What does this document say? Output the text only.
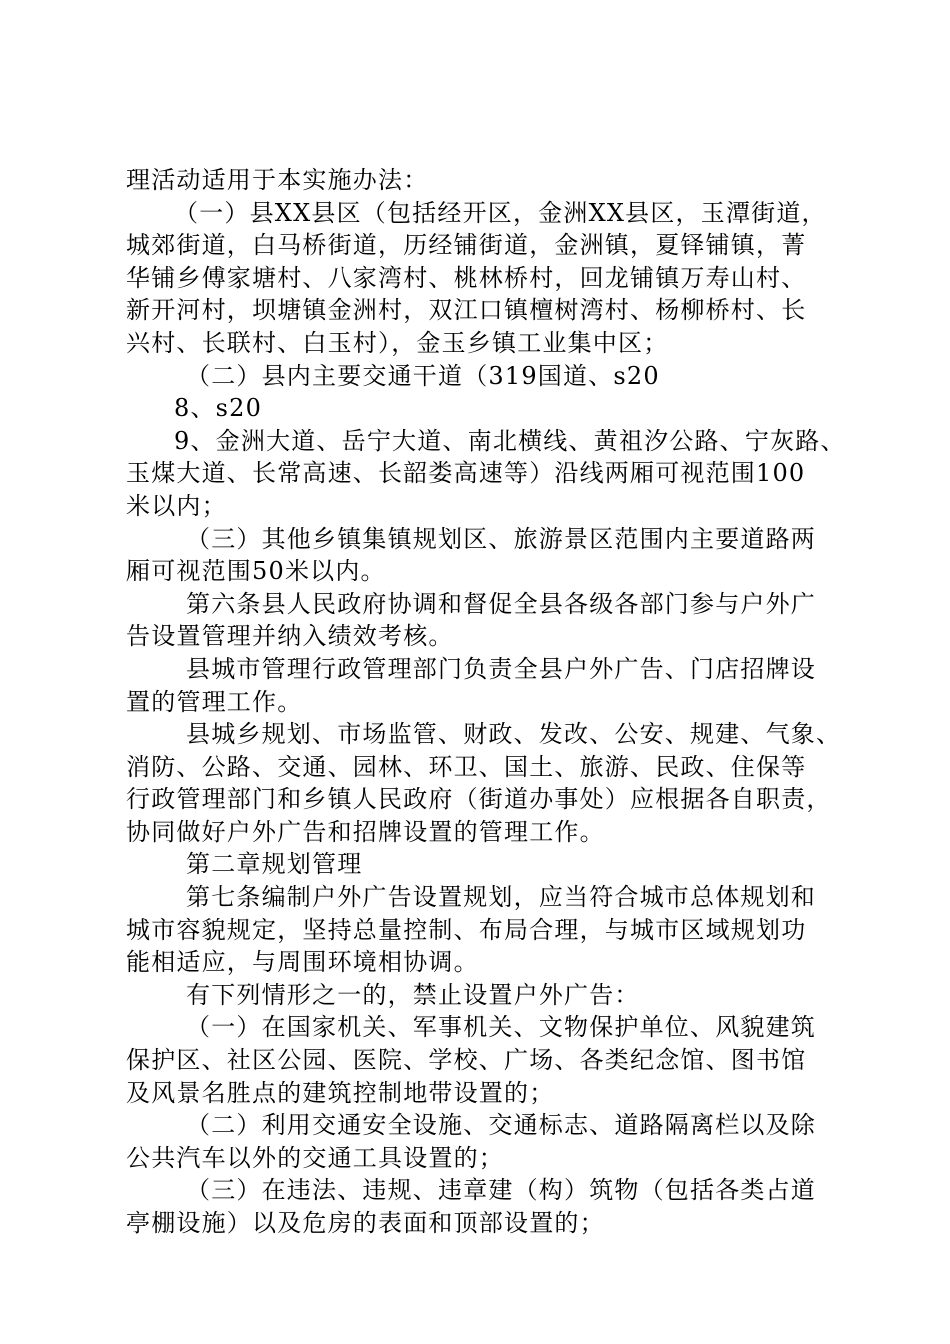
理活动适用于本实施办法：
（一）县XX县区（包括经开区，金洲XX县区，玉潭街道，
城郊街道，白马桥街道，历经铺街道，金洲镇，夏铎铺镇，菁
华铺乡傅家塘村、八家湾村、桃林桥村，回龙铺镇万寿山村、
新开河村，坝塘镇金洲村，双江口镇檀树湾村、杨柳桥村、长
兴村、长联村、白玉村），金玉乡镇工业集中区；
（二）县内主要交通干道（319国道、s20
8、s20
9、金洲大道、岳宁大道、南北横线、黄祖汐公路、宁灰路、
玉煤大道、长常高速、长韶娄高速等）沿线两厢可视范围100
米以内；
（三）其他乡镇集镇规划区、旅游景区范围内主要道路两
厢可视范围50米以内。
第六条县人民政府协调和督促全县各级各部门参与户外广
告设置管理并纳入绩效考核。
县城市管理行政管理部门负责全县户外广告、门店招牌设
置的管理工作。
县城乡规划、市场监管、财政、发改、公安、规建、气象、
消防、公路、交通、园林、环卫、国土、旅游、民政、住保等
行政管理部门和乡镇人民政府（街道办事处）应根据各自职责，
协同做好户外广告和招牌设置的管理工作。
第二章规划管理
第七条编制户外广告设置规划，应当符合城市总体规划和
城市容貌规定，坚持总量控制、布局合理，与城市区域规划功
能相适应，与周围环境相协调。
有下列情形之一的，禁止设置户外广告：
（一）在国家机关、军事机关、文物保护单位、风貌建筑
保护区、社区公园、医院、学校、广场、各类纪念馆、图书馆
及风景名胜点的建筑控制地带设置的；
（二）利用交通安全设施、交通标志、道路隔离栏以及除
公共汽车以外的交通工具设置的；
（三）在违法、违规、违章建（构）筑物（包括各类占道
亭棚设施）以及危房的表面和顶部设置的；
